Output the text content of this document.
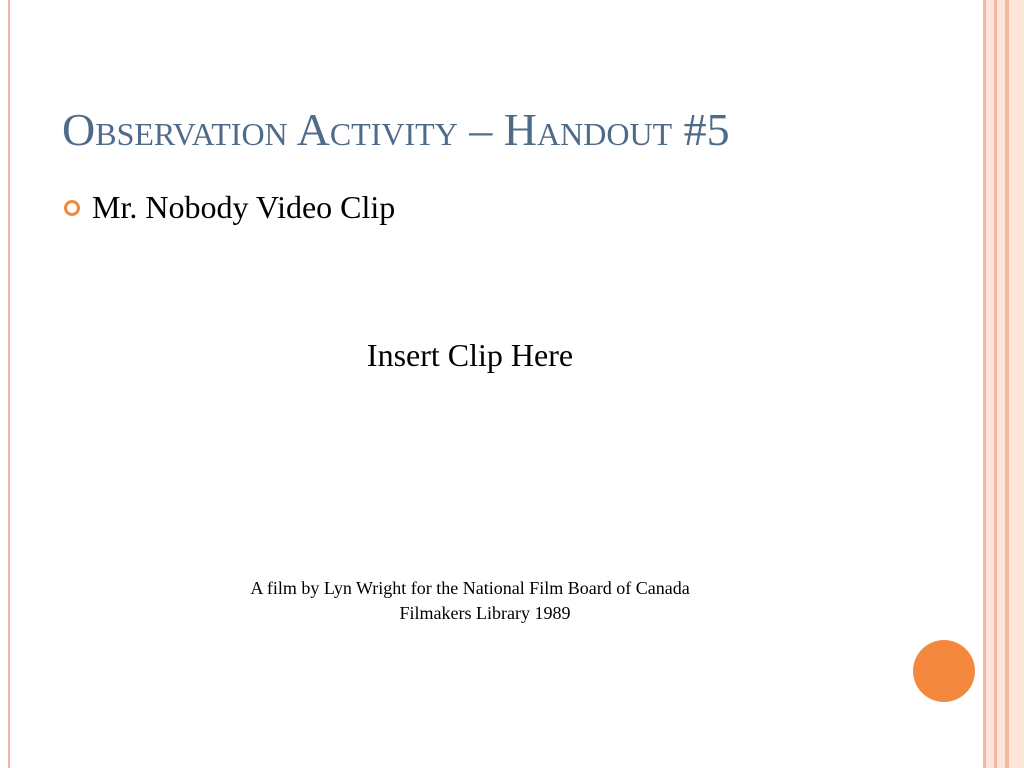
Observation Activity – Handout #5
Mr. Nobody Video Clip
Insert Clip Here
A film by Lyn Wright for the National Film Board of Canada
Filmakers Library 1989
